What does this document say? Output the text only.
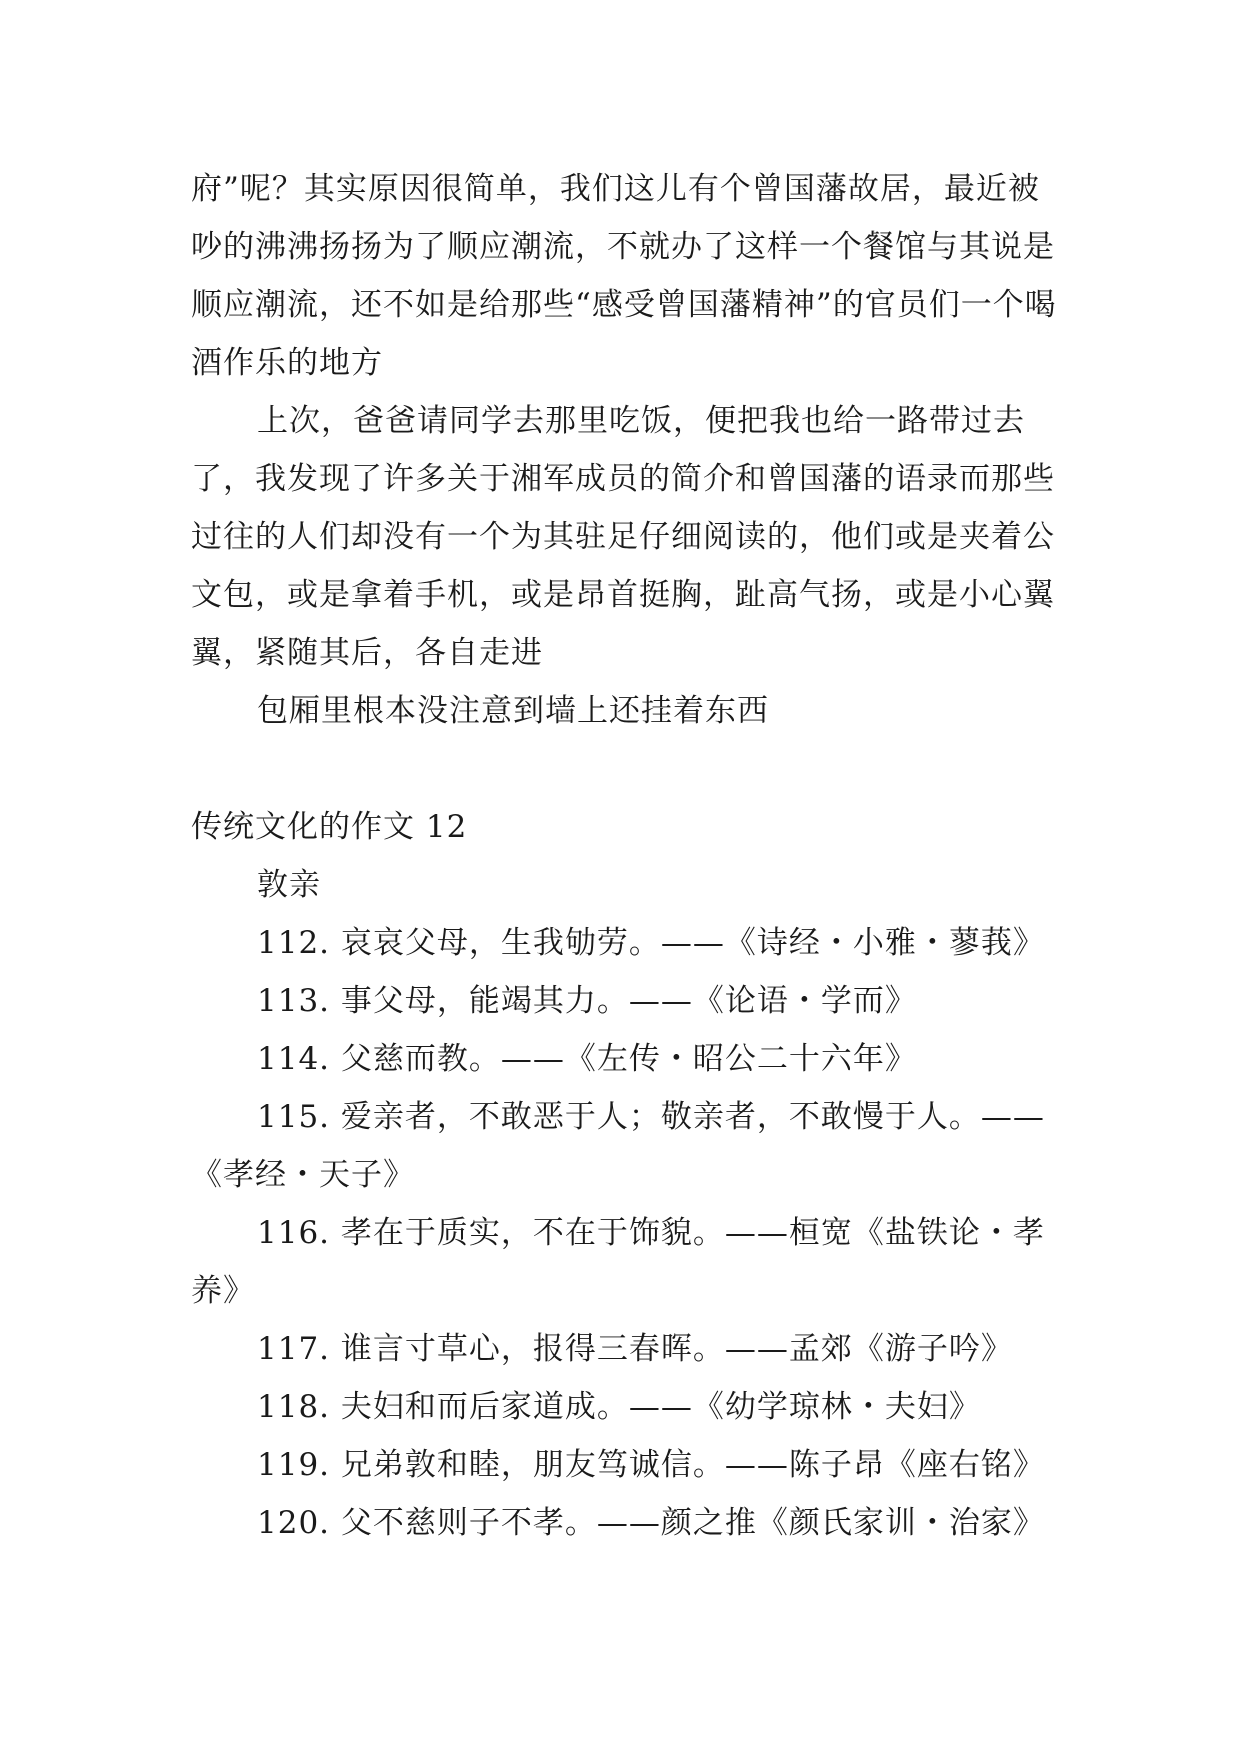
府”呢？其实原因很简单，我们这儿有个曾国藩故居，最近被吵的沸沸扬扬为了顺应潮流，不就办了这样一个餐馆与其说是顺应潮流，还不如是给那些“感受曾国藩精神”的官员们一个喝酒作乐的地方

上次，爸爸请同学去那里吃饭，便把我也给一路带过去了，我发现了许多关于湘军成员的简介和曾国藩的语录而那些过往的人们却没有一个为其驻足仔细阅读的，他们或是夹着公文包，或是拿着手机，或是昂首挺胸，趾高气扬，或是小心翼翼，紧随其后，各自走进

包厢里根本没注意到墙上还挂着东西

传统文化的作文 12

敦亲

112. 哀哀父母，生我劬劳。——《诗经・小雅・蓼莪》

113. 事父母，能竭其力。——《论语・学而》

114. 父慈而教。——《左传・昭公二十六年》

115. 爱亲者，不敢恶于人；敬亲者，不敢慢于人。——《孝经・天子》

116. 孝在于质实，不在于饰貌。——桓宽《盐铁论・孝养》

117. 谁言寸草心，报得三春晖。——孟郊《游子吟》

118. 夫妇和而后家道成。——《幼学琼林・夫妇》

119. 兄弟敦和睦，朋友笃诚信。——陈子昂《座右铭》

120. 父不慈则子不孝。——颜之推《颜氏家训・治家》
